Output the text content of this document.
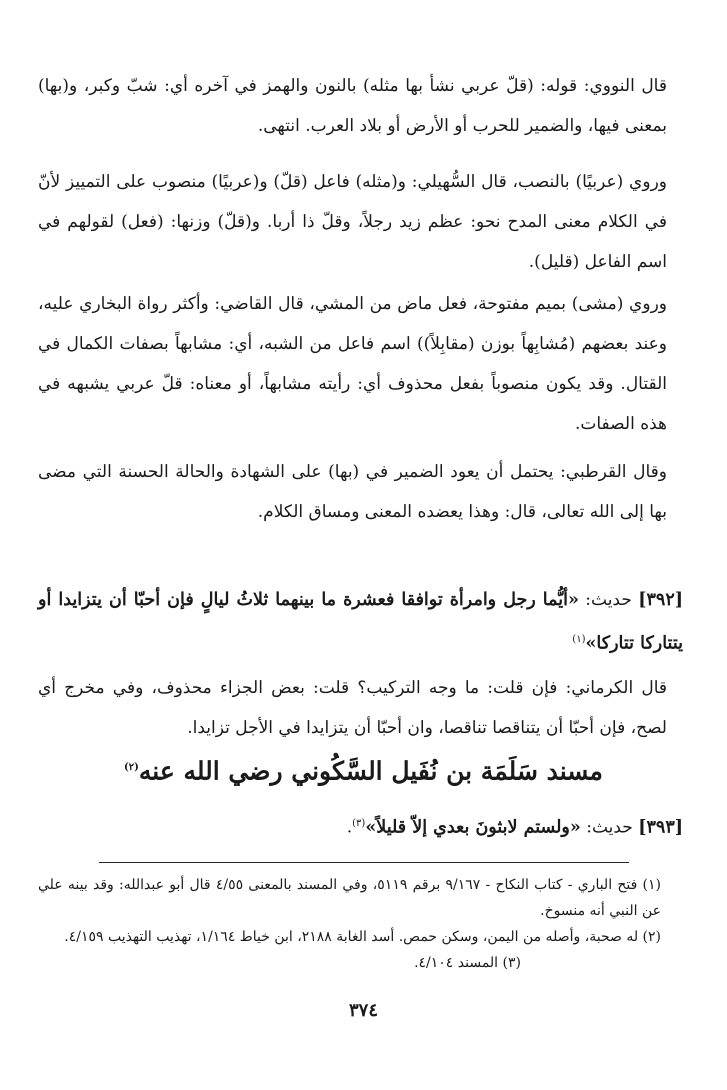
قال النووي: قوله: (قلّ عربي نشأ بها مثله) بالنون والهمز في آخره أي: شبّ وكبر، و(بها) بمعنى فيها، والضمير للحرب أو الأرض أو بلاد العرب. انتهى.

وروي (عربيًا) بالنصب، قال السُّهيلي: و(مثله) فاعل (قلّ) و(عربيًا) منصوب على التمييز لأنّ في الكلام معنى المدح نحو: عظم زيد رجلاً، وقلّ ذا أربا. و(قلّ) وزنها: (فعل) لقولهم في اسم الفاعل (قليل).

وروي (مشى) بميم مفتوحة، فعل ماض من المشي، قال القاضي: وأكثر رواة البخاري عليه، وعند بعضهم (مُشابِهاً بوزن (مقابِلاً)) اسم فاعل من الشبه، أي: مشابهاً بصفات الكمال في القتال. وقد يكون منصوباً بفعل محذوف أي: رأيته مشابهاً، أو معناه: قلّ عربي يشبهه في هذه الصفات.

وقال القرطبي: يحتمل أن يعود الضمير في (بها) على الشهادة والحالة الحسنة التي مضى بها إلى الله تعالى، قال: وهذا يعضده المعنى ومساق الكلام.

[٣٩٢] حديث: «أيُّما رجل وامرأة توافقا فعشرة ما بينهما ثلاثُ ليالٍ فإن أحبّا أن يتزايدا أو يتتاركا تتاركا»$^{(١)}$

قال الكرماني: فإن قلت: ما وجه التركيب؟ قلت: بعض الجزاء محذوف، وفي مخرج أي لصح، فإن أحبّا أن يتناقصا تناقصا، وان أحبّا أن يتزايدا في الأجل تزايدا.

مسند سَلَمَة بن نُفَيل السَّكُوني رضي الله عنه$^{(٢)}$

[٣٩٣] حديث: «ولستم لابثونَ بعدي إلاّ قليلاً»$^{(٣)}$.

(١) فتح الباري - كتاب النكاح - ٩/١٦٧ برقم ٥١١٩، وفي المسند بالمعنى ٤/٥٥ قال أبو عبدالله: وقد بينه علي عن النبي أنه منسوخ.

(٢) له صحبة، وأصله من اليمن، وسكن حمص. أسد الغابة ٢١٨٨، ابن خياط ١/١٦٤، تهذيب التهذيب ٤/١٥٩.

(٣) المسند ٤/١٠٤.

٣٧٤
